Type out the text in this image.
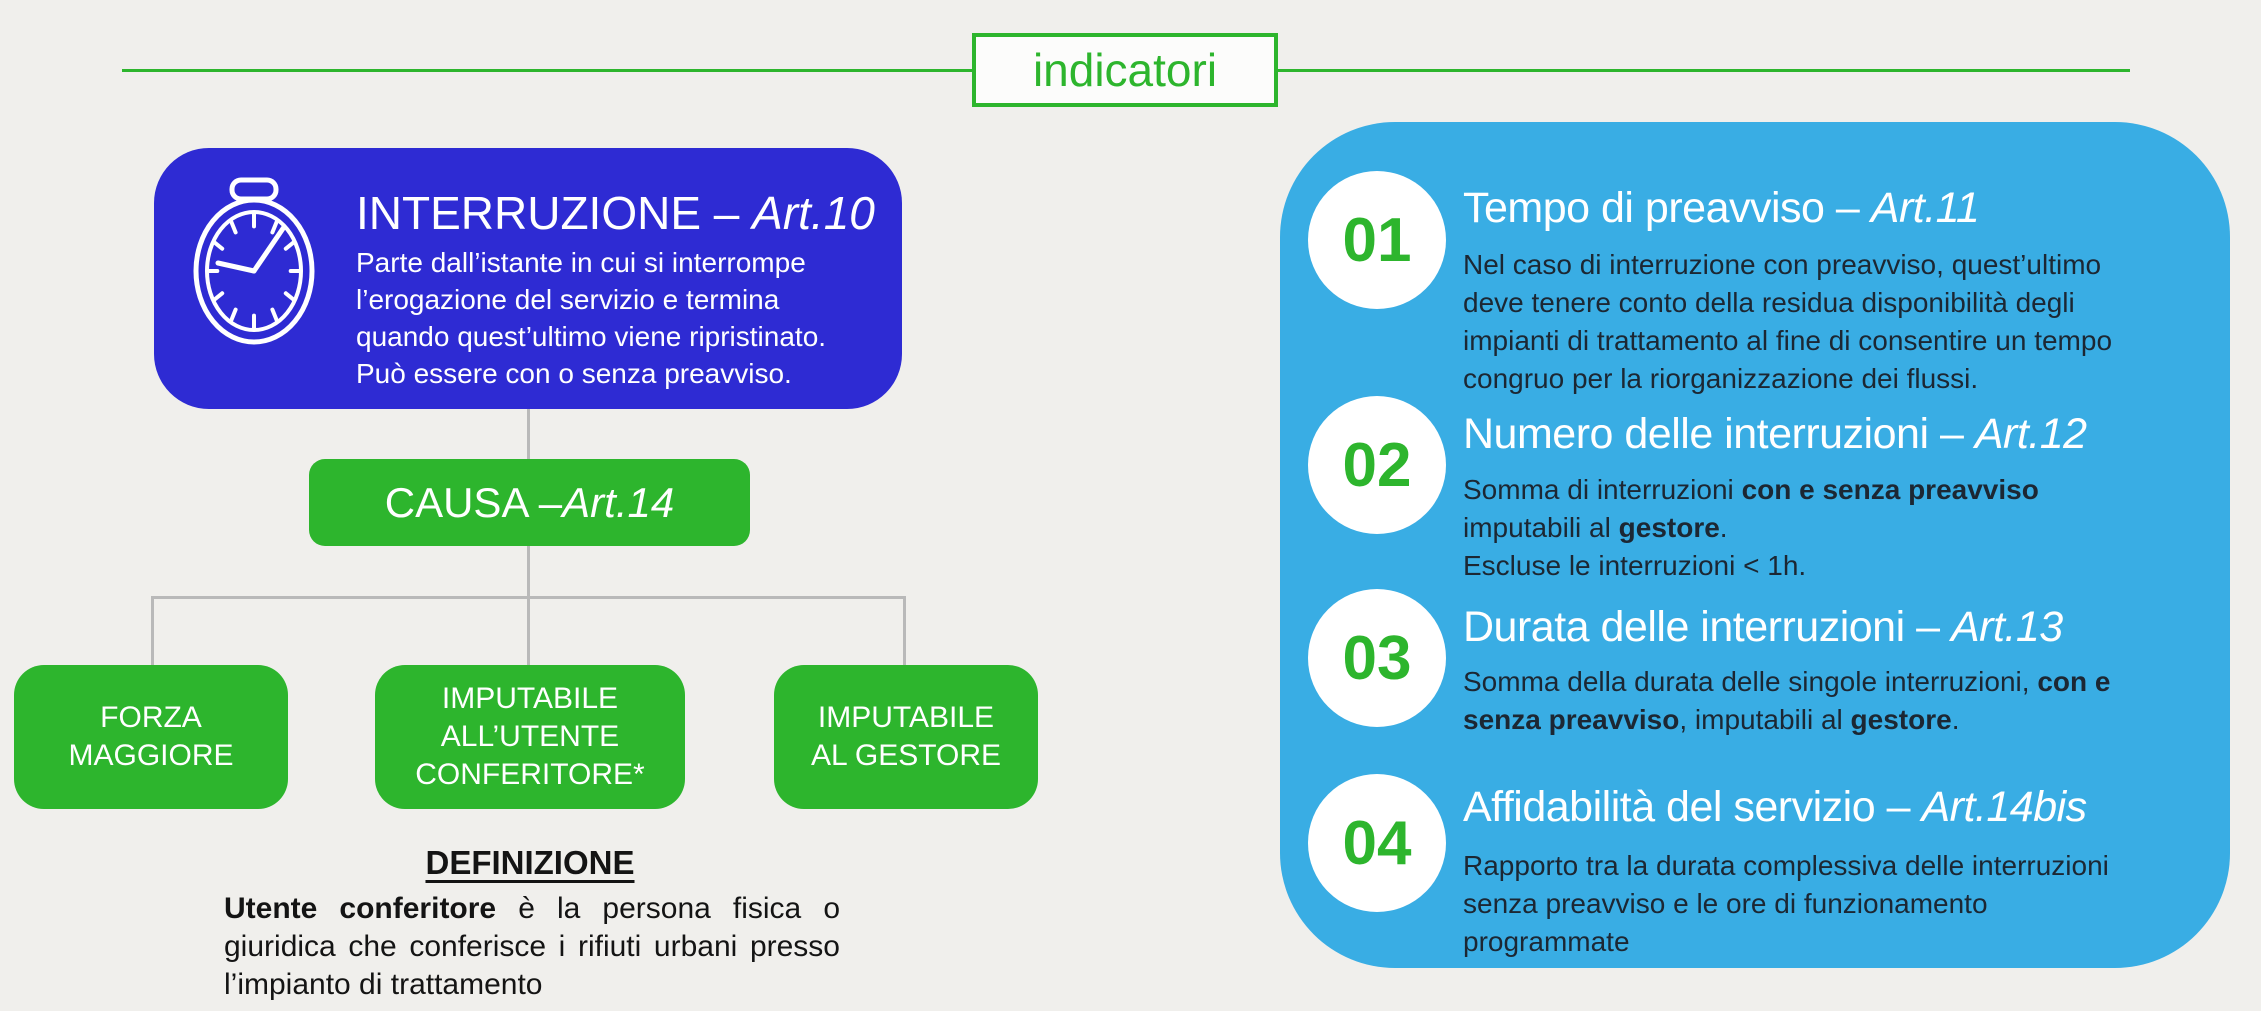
indicatori
INTERRUZIONE – Art.10
Parte dall’istante in cui si interrompe
l’erogazione del servizio e termina
quando quest’ultimo viene ripristinato.
Può essere con o senza preavviso.
CAUSA – Art.14
FORZA
MAGGIORE
IMPUTABILE
ALL’UTENTE
CONFERITORE*
IMPUTABILE
AL GESTORE
DEFINIZIONE
Utente conferitore è la persona fisica o giuridica che conferisce i rifiuti urbani presso l’impianto di trattamento
01 Tempo di preavviso – Art.11
Nel caso di interruzione con preavviso, quest’ultimo
deve tenere conto della residua disponibilità degli
impianti di trattamento al fine di consentire un tempo
congruo per la riorganizzazione dei flussi.
02 Numero delle interruzioni – Art.12
Somma di interruzioni con e senza preavviso
imputabili al gestore.
Escluse le interruzioni < 1h.
03 Durata delle interruzioni – Art.13
Somma della durata delle singole interruzioni, con e
senza preavviso, imputabili al gestore.
04
Affidabilità del servizio – Art.14bis
Rapporto tra la durata complessiva delle interruzioni
senza preavviso e le ore di funzionamento
programmate
